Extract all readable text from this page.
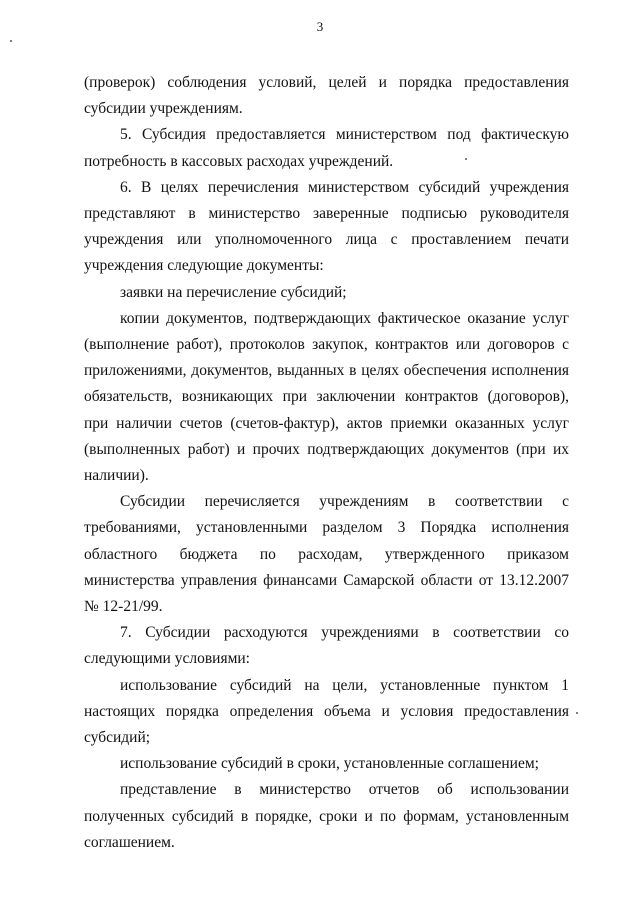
3

(проверок) соблюдения условий, целей и порядка предоставления субсидии учреждениям.

5. Субсидия предоставляется министерством под фактическую потребность в кассовых расходах учреждений.

6. В целях перечисления министерством субсидий учреждения представляют в министерство заверенные подписью руководителя учреждения или уполномоченного лица с проставлением печати учреждения следующие документы:

заявки на перечисление субсидий;

копии документов, подтверждающих фактическое оказание услуг (выполнение работ), протоколов закупок, контрактов или договоров с приложениями, документов, выданных в целях обеспечения исполнения обязательств, возникающих при заключении контрактов (договоров), при наличии счетов (счетов-фактур), актов приемки оказанных услуг (выполненных работ) и прочих подтверждающих документов (при их наличии).

Субсидии перечисляется учреждениям в соответствии с требованиями, установленными разделом 3 Порядка исполнения областного бюджета по расходам, утвержденного приказом министерства управления финансами Самарской области от 13.12.2007 № 12-21/99.

7. Субсидии расходуются учреждениями в соответствии со следующими условиями:

использование субсидий на цели, установленные пунктом 1 настоящих порядка определения объема и условия предоставления субсидий;

использование субсидий в сроки, установленные соглашением;

представление в министерство отчетов об использовании полученных субсидий в порядке, сроки и по формам, установленным соглашением.
